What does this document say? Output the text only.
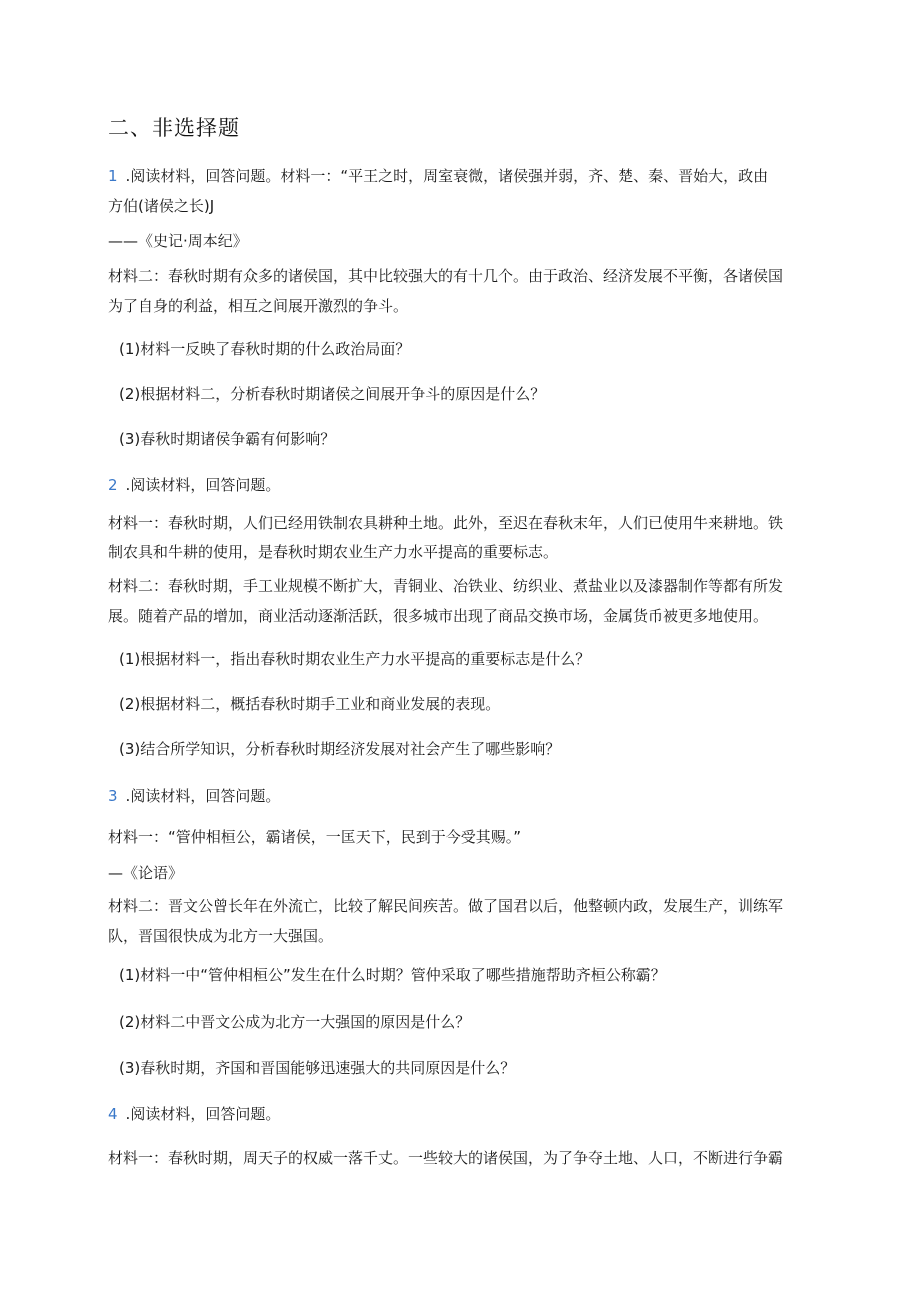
二、非选择题
1 .阅读材料，回答问题。材料一：“平王之时，周室衰微，诸侯强并弱，齐、楚、秦、晋始大，政由
方伯(诸侯之长)J
——《史记·周本纪》
材料二：春秋时期有众多的诸侯国，其中比较强大的有十几个。由于政治、经济发展不平衡，各诸侯国
为了自身的利益，相互之间展开激烈的争斗。
(1)材料一反映了春秋时期的什么政治局面？
(2)根据材料二，分析春秋时期诸侯之间展开争斗的原因是什么？
(3)春秋时期诸侯争霸有何影响？
2 .阅读材料，回答问题。
材料一：春秋时期，人们已经用铁制农具耕种土地。此外，至迟在春秋末年，人们已使用牛来耕地。铁
制农具和牛耕的使用，是春秋时期农业生产力水平提高的重要标志。
材料二：春秋时期，手工业规模不断扩大，青铜业、冶铁业、纺织业、煮盐业以及漆器制作等都有所发
展。随着产品的增加，商业活动逐渐活跃，很多城市出现了商品交换市场，金属货币被更多地使用。
(1)根据材料一，指出春秋时期农业生产力水平提高的重要标志是什么？
(2)根据材料二，概括春秋时期手工业和商业发展的表现。
(3)结合所学知识，分析春秋时期经济发展对社会产生了哪些影响？
3 .阅读材料，回答问题。
材料一：“管仲相桓公，霸诸侯，一匡天下，民到于今受其赐。”
—《论语》
材料二：晋文公曾长年在外流亡，比较了解民间疾苦。做了国君以后，他整顿内政，发展生产，训练军
队，晋国很快成为北方一大强国。
(1)材料一中“管仲相桓公”发生在什么时期？管仲采取了哪些措施帮助齐桓公称霸？
(2)材料二中晋文公成为北方一大强国的原因是什么？
(3)春秋时期，齐国和晋国能够迅速强大的共同原因是什么？
4 .阅读材料，回答问题。
材料一：春秋时期，周天子的权威一落千丈。一些较大的诸侯国，为了争夺土地、人口，不断进行争霸
